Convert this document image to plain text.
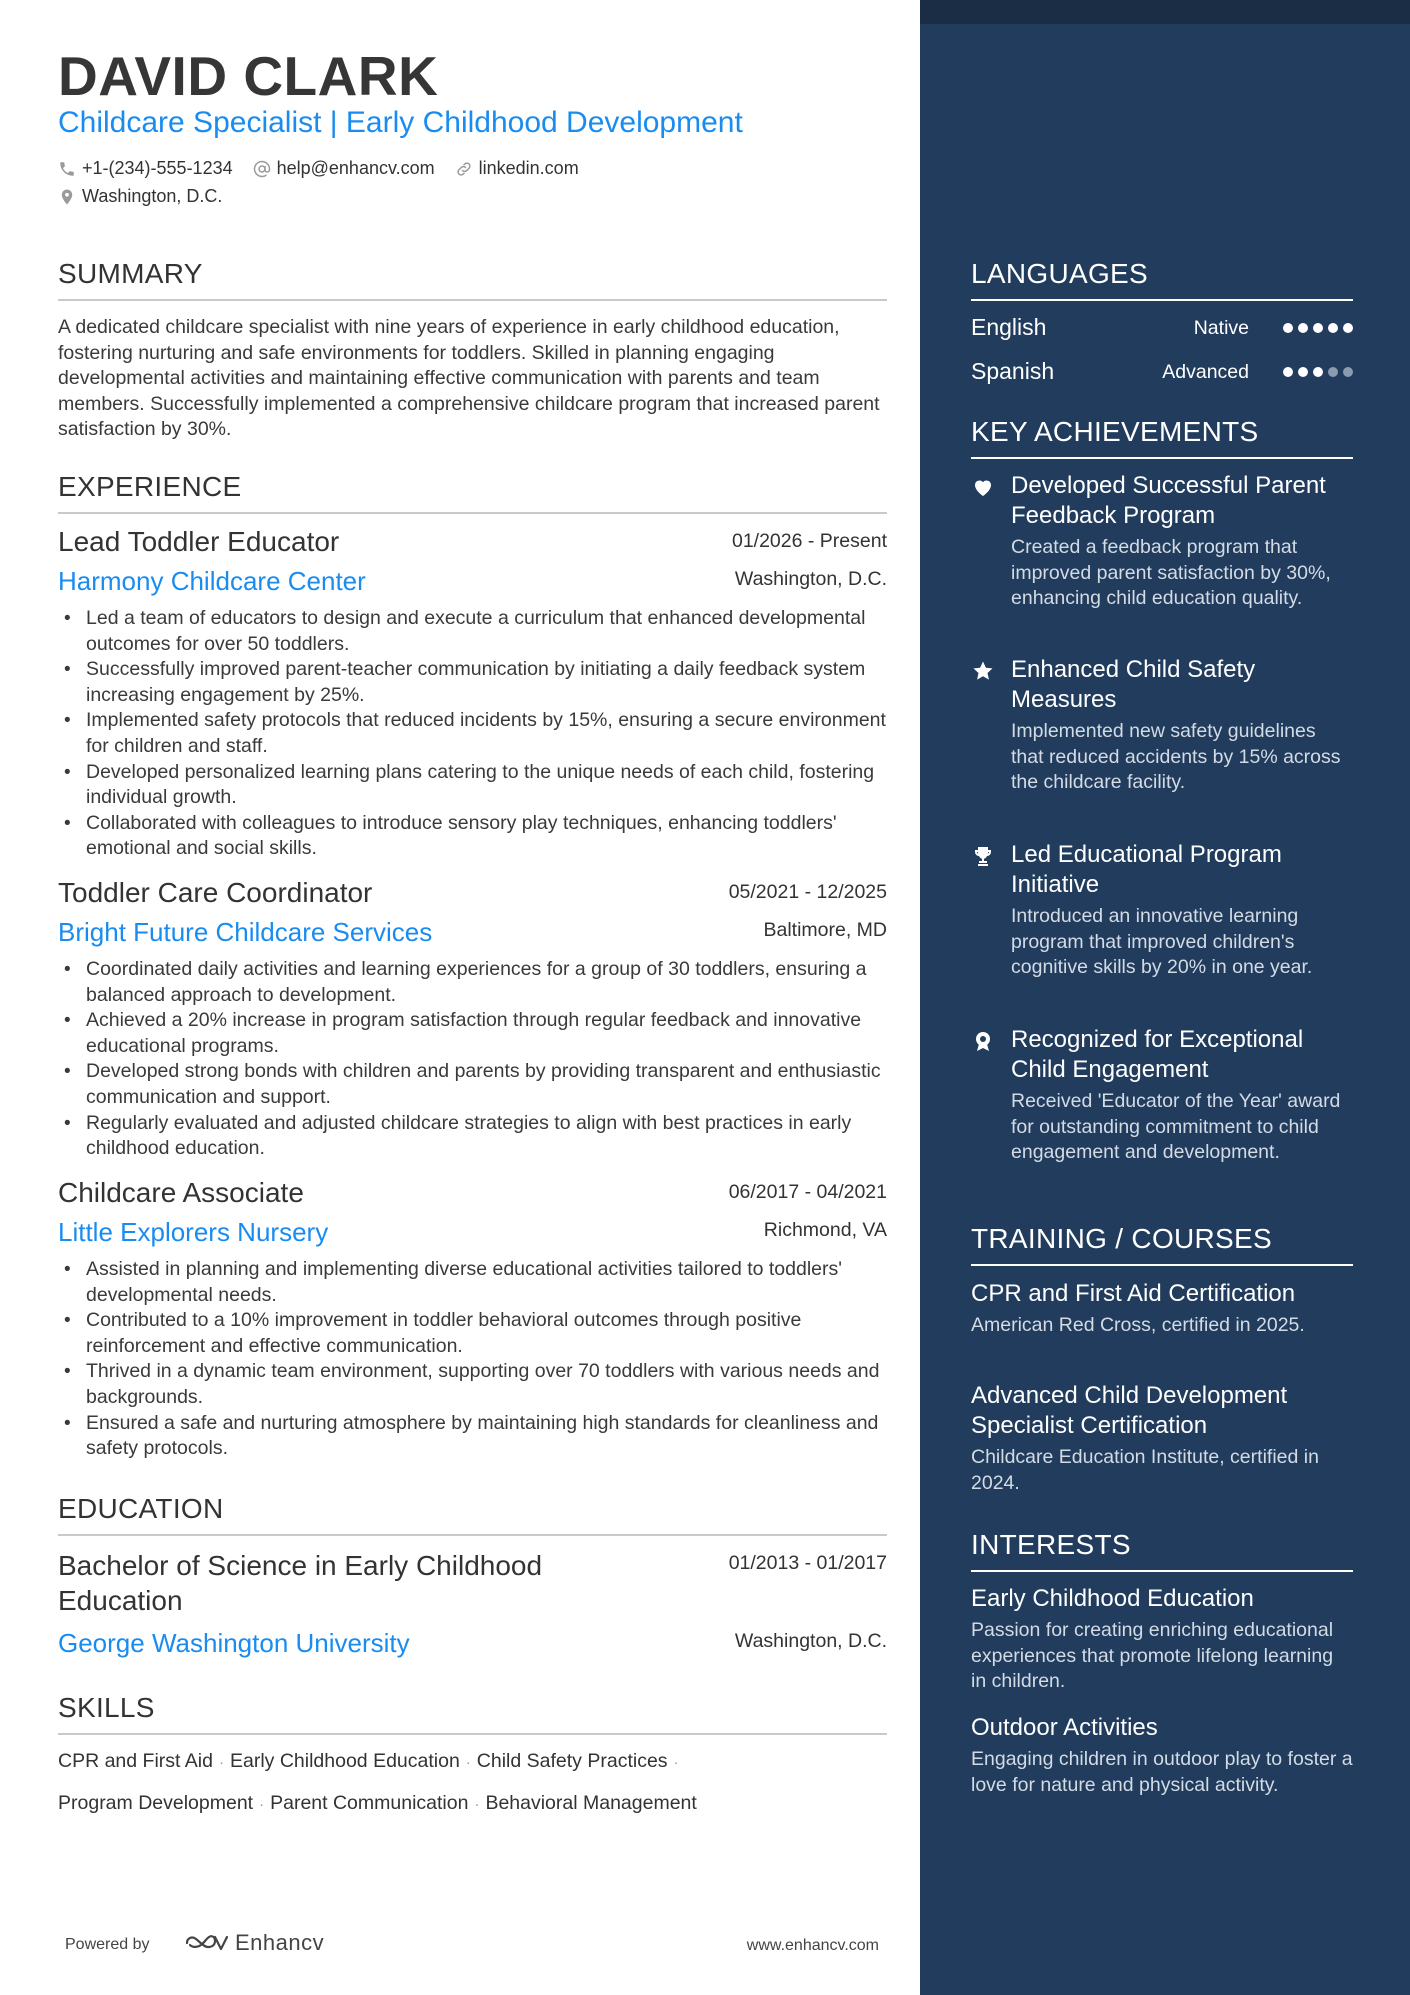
DAVID CLARK
Childcare Specialist | Early Childhood Development
+1-(234)-555-1234 help@enhancv.com linkedin.com
Washington, D.C.
SUMMARY
A dedicated childcare specialist with nine years of experience in early childhood education, fostering nurturing and safe environments for toddlers. Skilled in planning engaging developmental activities and maintaining effective communication with parents and team members. Successfully implemented a comprehensive childcare program that increased parent satisfaction by 30%.
EXPERIENCE
Lead Toddler Educator	01/2026 - Present
Harmony Childcare Center	Washington, D.C.
• Led a team of educators to design and execute a curriculum that enhanced developmental outcomes for over 50 toddlers.
• Successfully improved parent-teacher communication by initiating a daily feedback system increasing engagement by 25%.
• Implemented safety protocols that reduced incidents by 15%, ensuring a secure environment for children and staff.
• Developed personalized learning plans catering to the unique needs of each child, fostering individual growth.
• Collaborated with colleagues to introduce sensory play techniques, enhancing toddlers' emotional and social skills.
Toddler Care Coordinator	05/2021 - 12/2025
Bright Future Childcare Services	Baltimore, MD
• Coordinated daily activities and learning experiences for a group of 30 toddlers, ensuring a balanced approach to development.
• Achieved a 20% increase in program satisfaction through regular feedback and innovative educational programs.
• Developed strong bonds with children and parents by providing transparent and enthusiastic communication and support.
• Regularly evaluated and adjusted childcare strategies to align with best practices in early childhood education.
Childcare Associate	06/2017 - 04/2021
Little Explorers Nursery	Richmond, VA
• Assisted in planning and implementing diverse educational activities tailored to toddlers' developmental needs.
• Contributed to a 10% improvement in toddler behavioral outcomes through positive reinforcement and effective communication.
• Thrived in a dynamic team environment, supporting over 70 toddlers with various needs and backgrounds.
• Ensured a safe and nurturing atmosphere by maintaining high standards for cleanliness and safety protocols.
EDUCATION
Bachelor of Science in Early Childhood Education
01/2013 - 01/2017
George Washington University	Washington, D.C.
SKILLS
CPR and First Aid · Early Childhood Education · Child Safety Practices ·
Program Development · Parent Communication · Behavioral Management
Powered by	Enhancv	www.enhancv.com
LANGUAGES
English	Native
Spanish	Advanced
KEY ACHIEVEMENTS
Developed Successful Parent Feedback Program
Created a feedback program that improved parent satisfaction by 30%, enhancing child education quality.
Enhanced Child Safety Measures
Implemented new safety guidelines that reduced accidents by 15% across the childcare facility.
Led Educational Program Initiative
Introduced an innovative learning program that improved children's cognitive skills by 20% in one year.
Recognized for Exceptional Child Engagement
Received 'Educator of the Year' award for outstanding commitment to child engagement and development.
TRAINING / COURSES
CPR and First Aid Certification
American Red Cross, certified in 2025.
Advanced Child Development Specialist Certification
Childcare Education Institute, certified in 2024.
INTERESTS
Early Childhood Education
Passion for creating enriching educational experiences that promote lifelong learning in children.
Outdoor Activities
Engaging children in outdoor play to foster a love for nature and physical activity.
